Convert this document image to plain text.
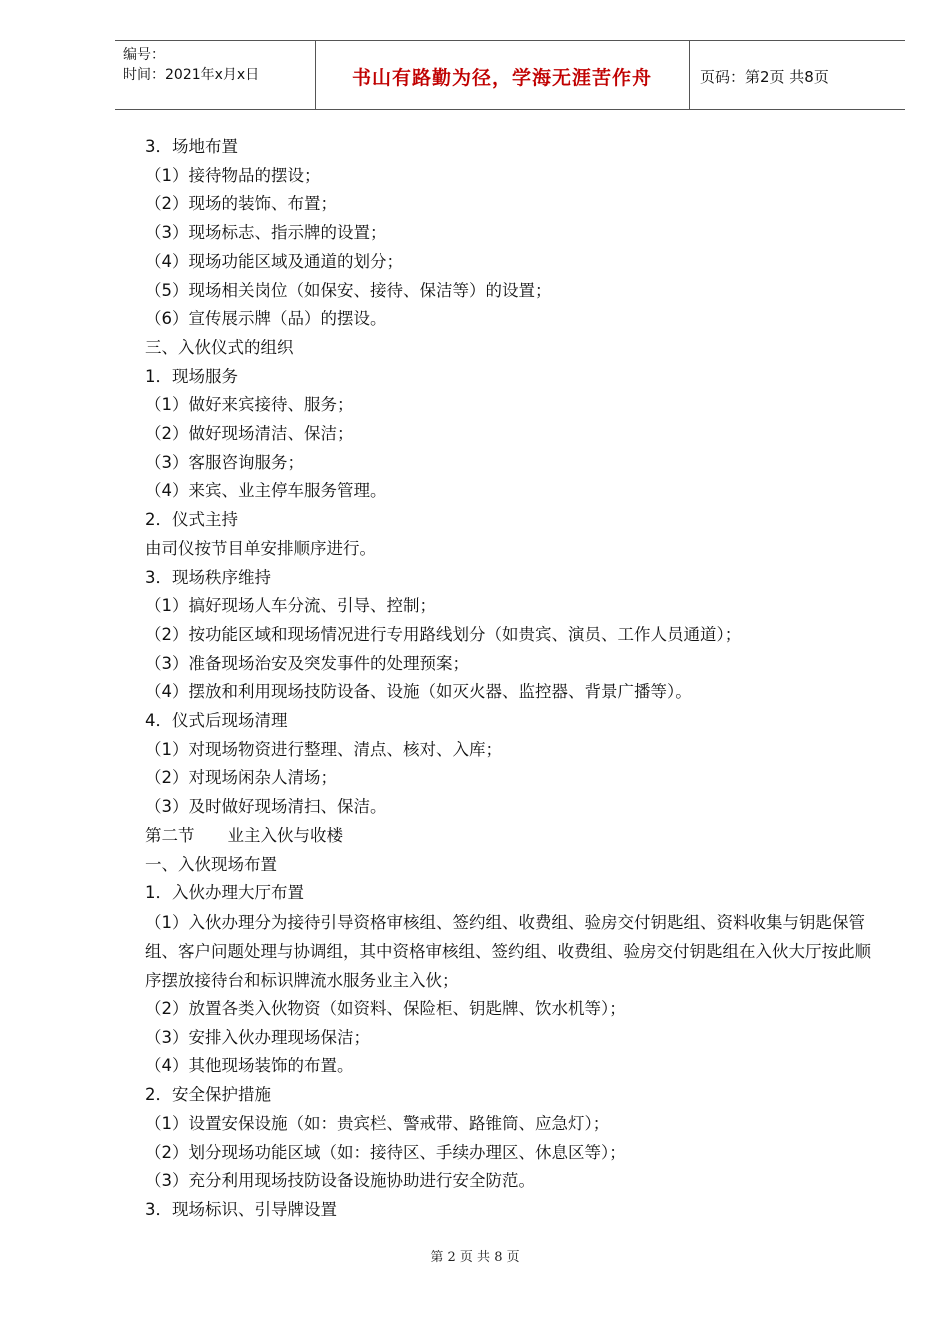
编号：
时间：2021年x月x日	书山有路勤为径，学海无涯苦作舟	页码：第2页 共8页
3．场地布置
（1）接待物品的摆设；
（2）现场的装饰、布置；
（3）现场标志、指示牌的设置；
（4）现场功能区域及通道的划分；
（5）现场相关岗位（如保安、接待、保洁等）的设置；
（6）宣传展示牌（品）的摆设。
三、入伙仪式的组织
1．现场服务
（1）做好来宾接待、服务；
（2）做好现场清洁、保洁；
（3）客服咨询服务；
（4）来宾、业主停车服务管理。
2．仪式主持
由司仪按节目单安排顺序进行。
3．现场秩序维持
（1）搞好现场人车分流、引导、控制；
（2）按功能区域和现场情况进行专用路线划分（如贵宾、演员、工作人员通道）；
（3）准备现场治安及突发事件的处理预案；
（4）摆放和利用现场技防设备、设施（如灭火器、监控器、背景广播等）。
4．仪式后现场清理
（1）对现场物资进行整理、清点、核对、入库；
（2）对现场闲杂人清场；
（3）及时做好现场清扫、保洁。
第二节　　业主入伙与收楼
一、入伙现场布置
1．入伙办理大厅布置
（1）入伙办理分为接待引导资格审核组、签约组、收费组、验房交付钥匙组、资料收集与钥匙保管组、客户问题处理与协调组，其中资格审核组、签约组、收费组、验房交付钥匙组在入伙大厅按此顺序摆放接待台和标识牌流水服务业主入伙；
（2）放置各类入伙物资（如资料、保险柜、钥匙牌、饮水机等）；
（3）安排入伙办理现场保洁；
（4）其他现场装饰的布置。
2．安全保护措施
（1）设置安保设施（如：贵宾栏、警戒带、路锥筒、应急灯）；
（2）划分现场功能区域（如：接待区、手续办理区、休息区等）；
（3）充分利用现场技防设备设施协助进行安全防范。
3．现场标识、引导牌设置
第 2 页 共 8 页
